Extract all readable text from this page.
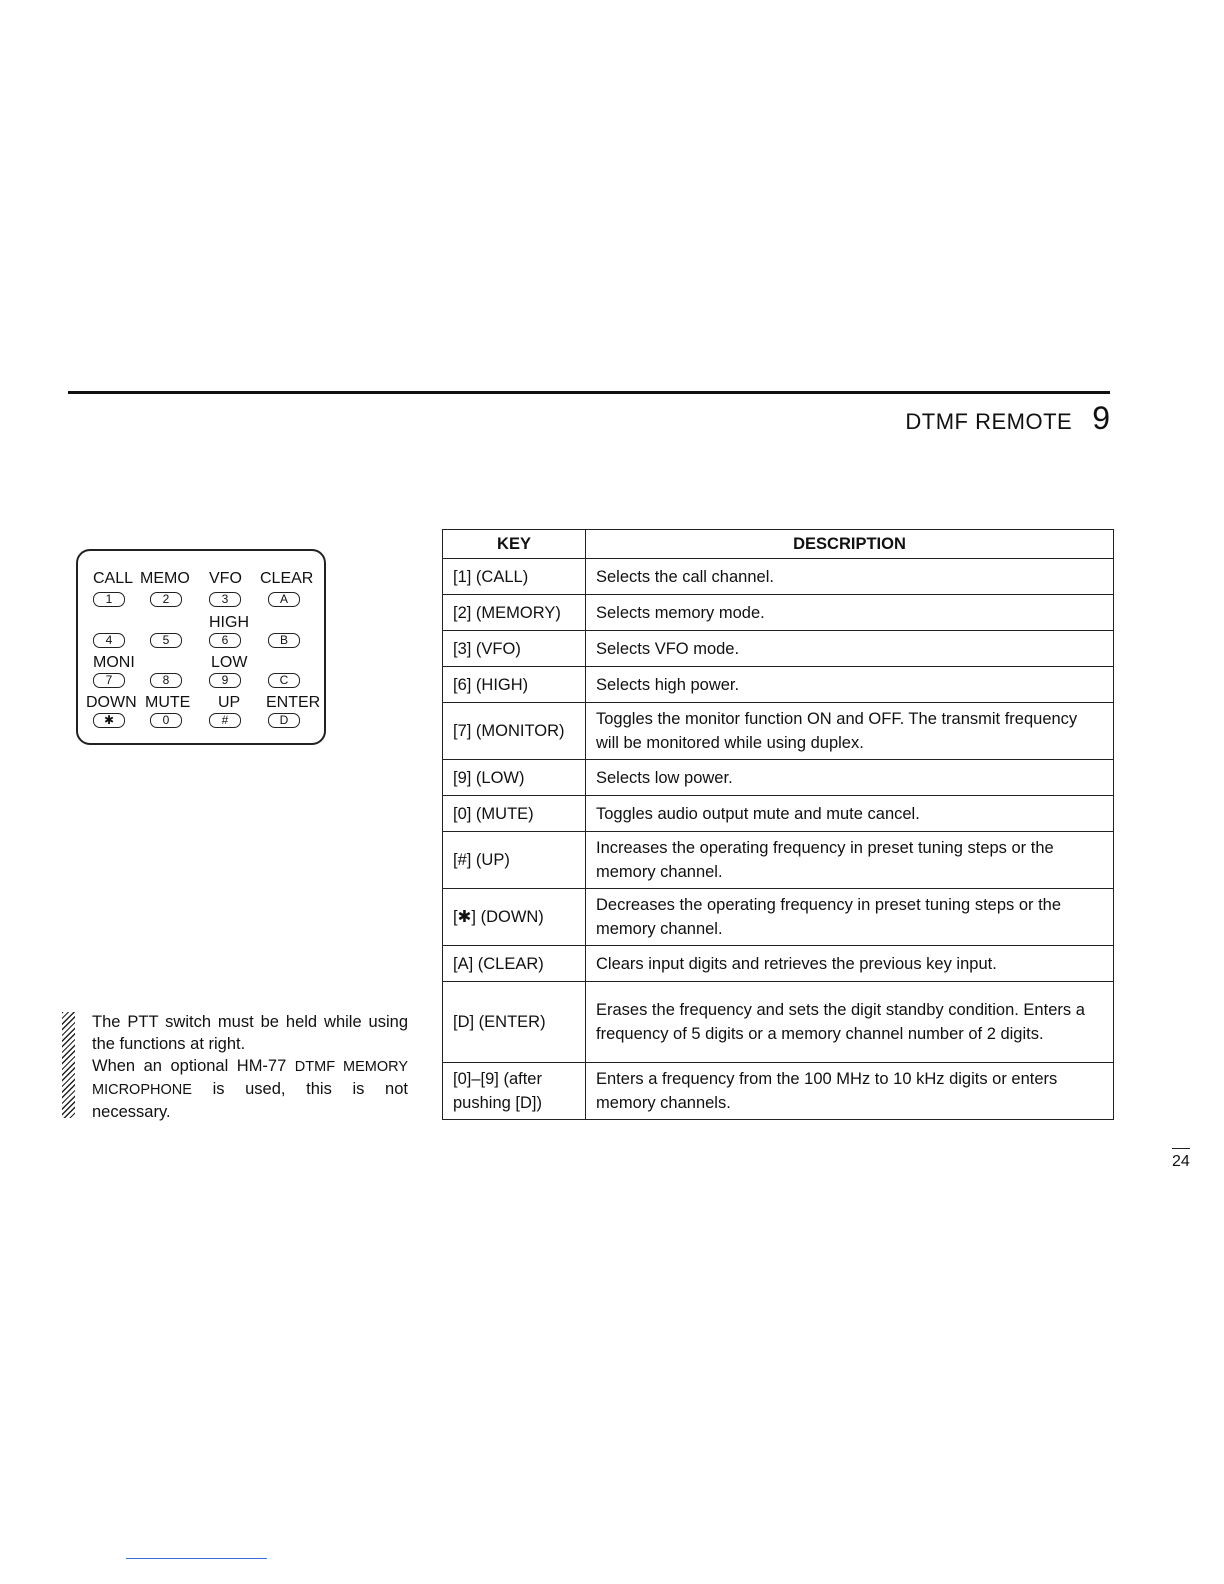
DTMF REMOTE 9
CALL MEMO VFO CLEAR
1	2	3	A
HIGH
4	5	6	B
MONI	LOW
7	8	9	C
DOWN MUTE UP ENTER
✱	0	#	D

The PTT switch must be held while using the functions at right.

When an optional HM-77 DTMF MEMORY MICROPHONE is used, this is not necessary.

KEY	DESCRIPTION
[1] (CALL)	Selects the call channel.
[2] (MEMORY)	Selects memory mode.
[3] (VFO)	Selects VFO mode.
[6] (HIGH)	Selects high power.
[7] (MONITOR)	Toggles the monitor function ON and OFF. The transmit frequency will be monitored while using duplex.
[9] (LOW)	Selects low power.
[0] (MUTE)	Toggles audio output mute and mute cancel.
[#] (UP)	Increases the operating frequency in preset tuning steps or the memory channel.
[✱] (DOWN)	Decreases the operating frequency in preset tuning steps or the memory channel.
[A] (CLEAR)	Clears input digits and retrieves the previous key input.
[D] (ENTER)	Erases the frequency and sets the digit standby condition. Enters a frequency of 5 digits or a memory channel number of 2 digits.
[0]–[9] (after pushing [D])	Enters a frequency from the 100 MHz to 10 kHz digits or enters memory channels.
24
